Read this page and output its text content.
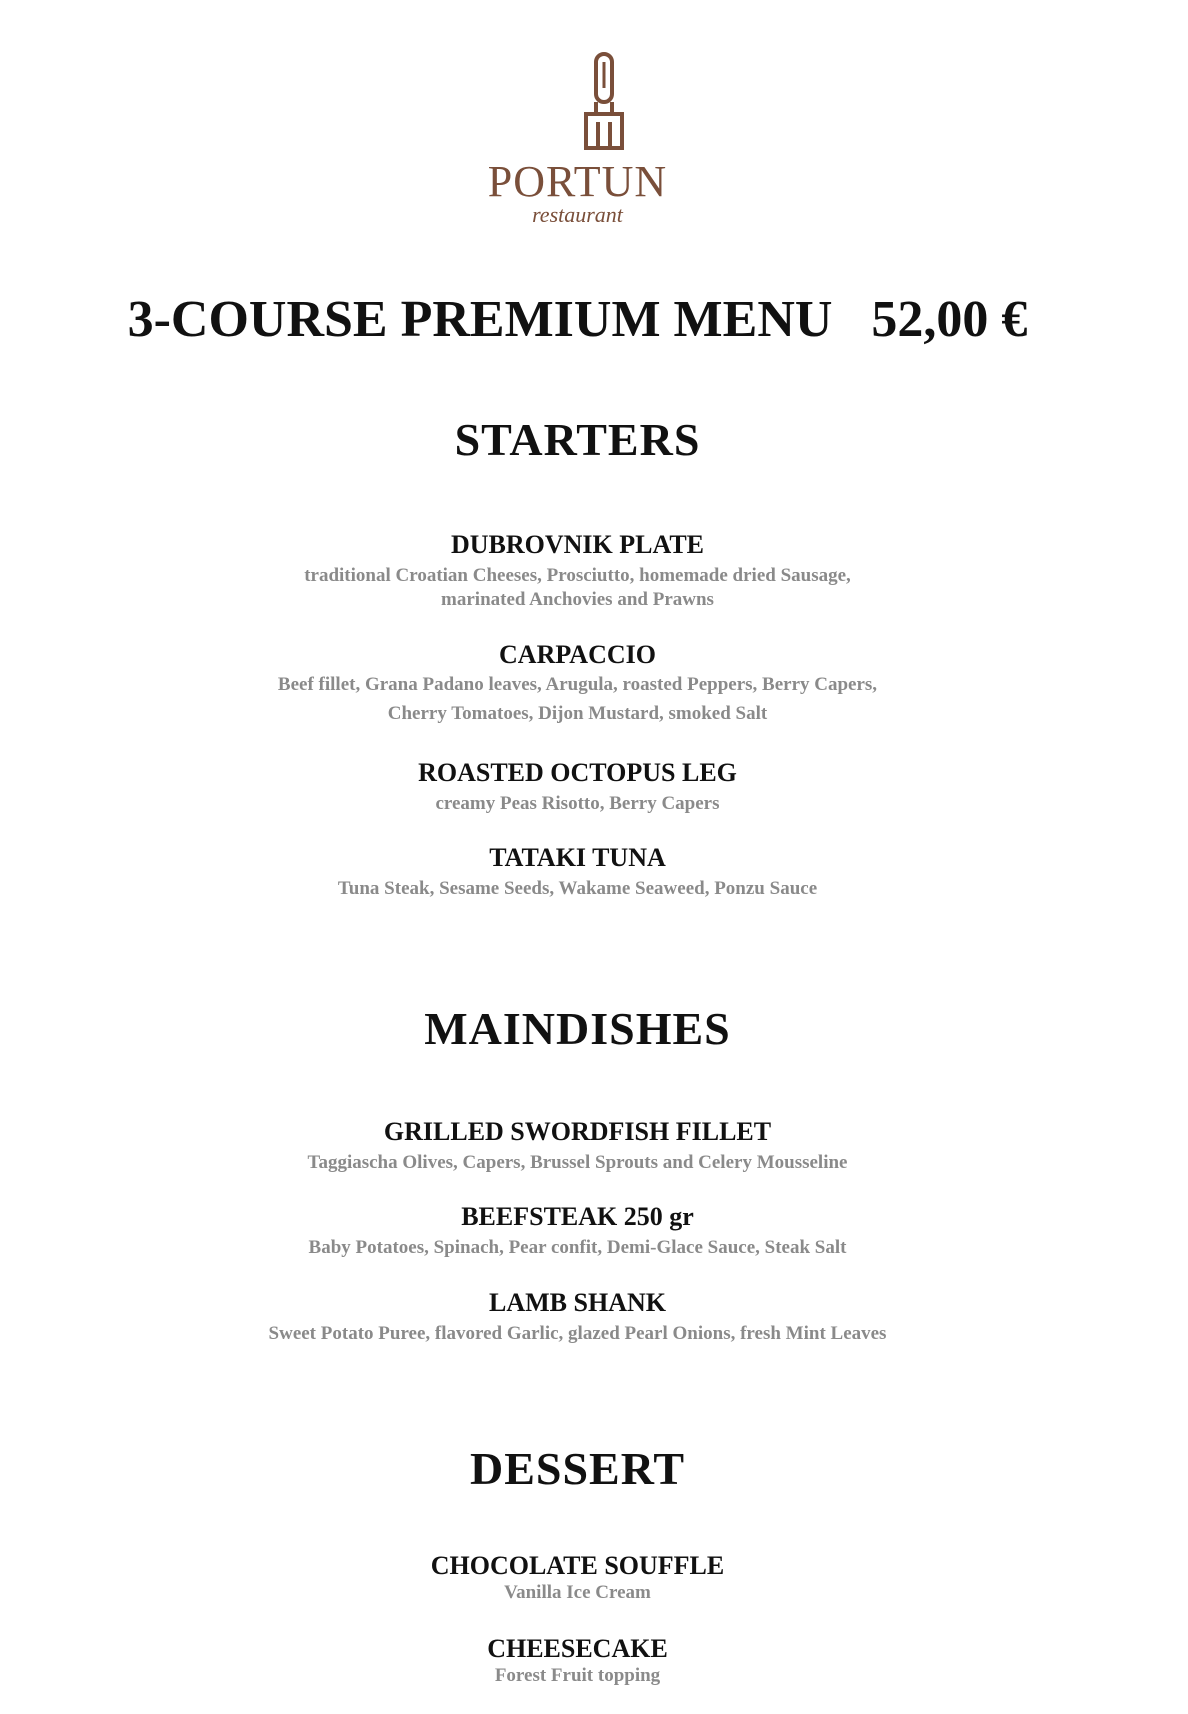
PORTUN
restaurant
3-COURSE PREMIUM MENU   52,00 €
STARTERS
DUBROVNIK PLATE
traditional Croatian Cheeses, Prosciutto, homemade dried Sausage,
marinated Anchovies and Prawns
CARPACCIO
Beef fillet, Grana Padano leaves, Arugula, roasted Peppers, Berry Capers,
Cherry Tomatoes, Dijon Mustard, smoked Salt
ROASTED OCTOPUS LEG
creamy Peas Risotto, Berry Capers
TATAKI TUNA
Tuna Steak, Sesame Seeds, Wakame Seaweed, Ponzu Sauce
MAINDISHES
GRILLED SWORDFISH FILLET
Taggiascha Olives, Capers, Brussel Sprouts and Celery Mousseline
BEEFSTEAK 250 gr
Baby Potatoes, Spinach, Pear confit, Demi-Glace Sauce, Steak Salt
LAMB SHANK
Sweet Potato Puree, flavored Garlic, glazed Pearl Onions, fresh Mint Leaves
DESSERT
CHOCOLATE SOUFFLE
Vanilla Ice Cream
CHEESECAKE
Forest Fruit topping
